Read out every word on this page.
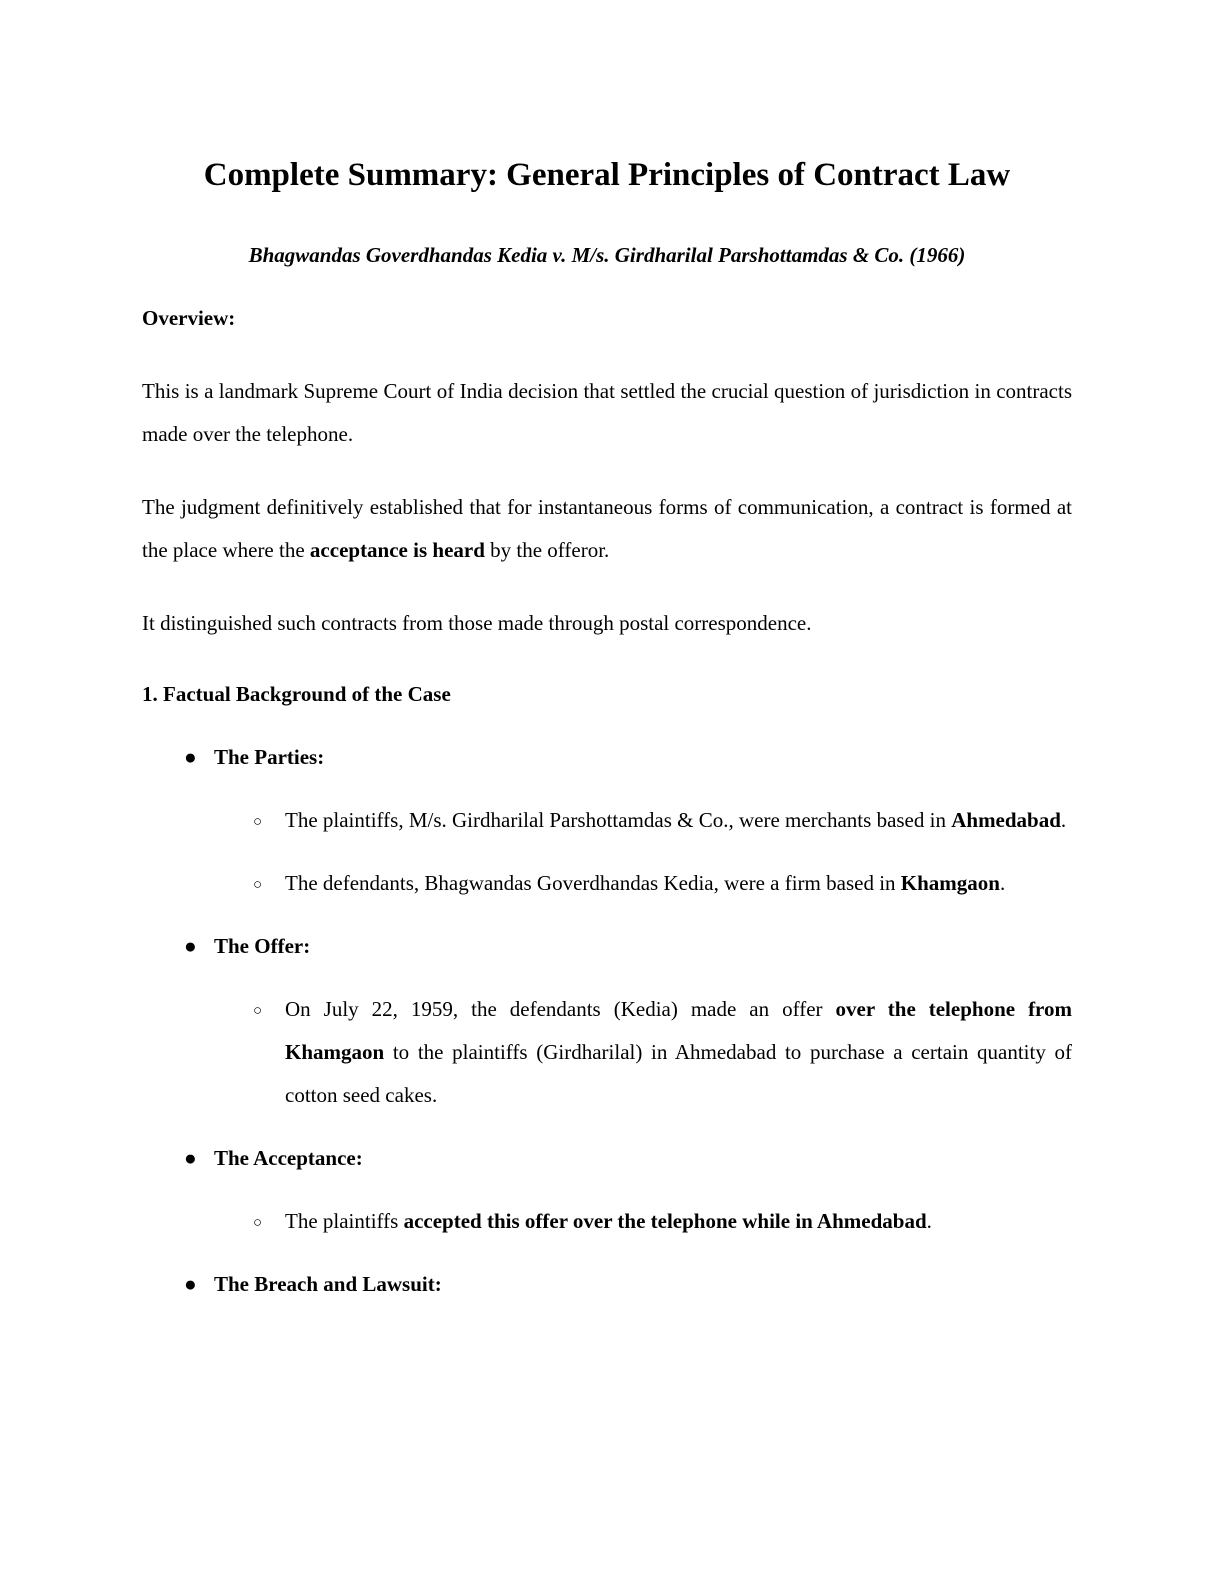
Complete Summary
Complete Summary: General Principles of Contract Law

Bhagwandas Goverdhandas Kedia v. M/s. Girdharilal Parshottamdas & Co. (1966)

Overview:

This is a landmark Supreme Court of India decision that settled the crucial question of jurisdiction in contracts made over the telephone.

The judgment definitively established that for instantaneous forms of communication, a contract is formed at the place where the acceptance is heard by the offeror.

It distinguished such contracts from those made through postal correspondence.

1. Factual Background of the Case

● The Parties:
○ The plaintiffs, M/s. Girdharilal Parshottamdas & Co., were merchants based in Ahmedabad.
○ The defendants, Bhagwandas Goverdhandas Kedia, were a firm based in Khamgaon.
● The Offer:
○ On July 22, 1959, the defendants (Kedia) made an offer over the telephone from Khamgaon to the plaintiffs (Girdharilal) in Ahmedabad to purchase a certain quantity of cotton seed cakes.
● The Acceptance:
○ The plaintiffs accepted this offer over the telephone while in Ahmedabad.
● The Breach and Lawsuit:
